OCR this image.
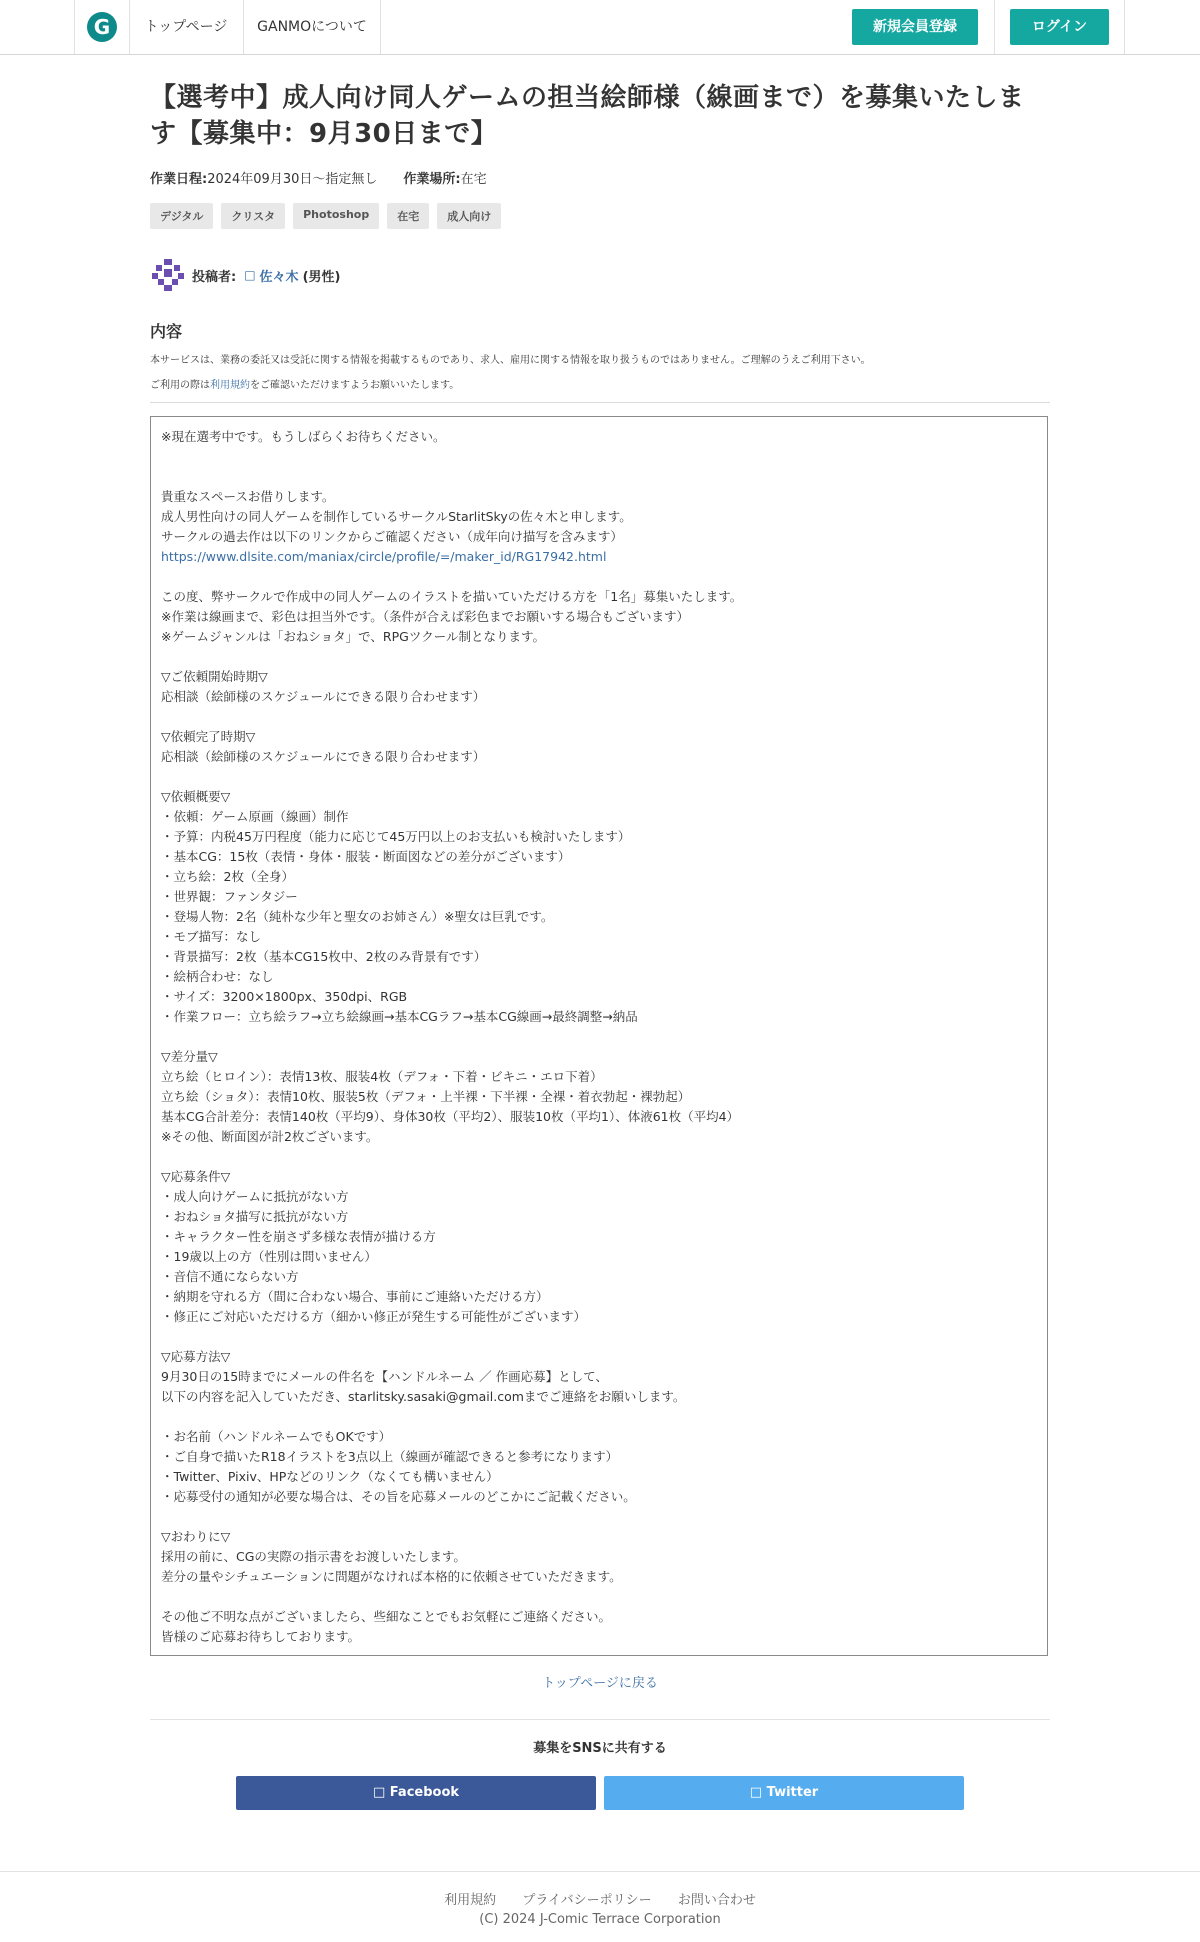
G	トップページ	GANMOについて	新規会員登録	ログイン
【選考中】成人向け同人ゲームの担当絵師様（線画まで）を募集いたします【募集中：9月30日まで】
作業日程:2024年09月30日〜指定無し 作業場所:在宅
デジタル	クリスタ	Photoshop	在宅	成人向け
投稿者: □ 佐々木 (男性)
内容
本サービスは、業務の委託又は受託に関する情報を掲載するものであり、求人、雇用に関する情報を取り扱うものではありません。ご理解のうえご利用下さい。
ご利用の際は利用規約をご確認いただけますようお願いいたします。
※現在選考中です。もうしばらくお待ちください。
貴重なスペースお借りします。
成人男性向けの同人ゲームを制作しているサークルStarlitSkyの佐々木と申します。
サークルの過去作は以下のリンクからご確認ください（成年向け描写を含みます）
https://www.dlsite.com/maniax/circle/profile/=/maker_id/RG17942.html
この度、弊サークルで作成中の同人ゲームのイラストを描いていただける方を「1名」募集いたします。
※作業は線画まで、彩色は担当外です。（条件が合えば彩色までお願いする場合もございます）
※ゲームジャンルは「おねショタ」で、RPGツクール制となります。
▽ご依頼開始時期▽
応相談（絵師様のスケジュールにできる限り合わせます）
▽依頼完了時期▽
応相談（絵師様のスケジュールにできる限り合わせます）
▽依頼概要▽
・依頼：ゲーム原画（線画）制作
・予算：内税45万円程度（能力に応じて45万円以上のお支払いも検討いたします）
・基本CG：15枚（表情・身体・服装・断面図などの差分がございます）
・立ち絵：2枚（全身）
・世界観：ファンタジー
・登場人物：2名（純朴な少年と聖女のお姉さん）※聖女は巨乳です。
・モブ描写：なし
・背景描写：2枚（基本CG15枚中、2枚のみ背景有です）
・絵柄合わせ：なし
・サイズ：3200×1800px、350dpi、RGB
・作業フロー：立ち絵ラフ→立ち絵線画→基本CGラフ→基本CG線画→最終調整→納品
▽差分量▽
立ち絵（ヒロイン）：表情13枚、服装4枚（デフォ・下着・ビキニ・エロ下着）
立ち絵（ショタ）：表情10枚、服装5枚（デフォ・上半裸・下半裸・全裸・着衣勃起・裸勃起）
基本CG合計差分：表情140枚（平均9）、身体30枚（平均2）、服装10枚（平均1）、体液61枚（平均4）
※その他、断面図が計2枚ございます。
▽応募条件▽
・成人向けゲームに抵抗がない方
・おねショタ描写に抵抗がない方
・キャラクター性を崩さず多様な表情が描ける方
・19歳以上の方（性別は問いません）
・音信不通にならない方
・納期を守れる方（間に合わない場合、事前にご連絡いただける方）
・修正にご対応いただける方（細かい修正が発生する可能性がございます）
▽応募方法▽
9月30日の15時までにメールの件名を【ハンドルネーム ／ 作画応募】として、
以下の内容を記入していただき、starlitsky.sasaki@gmail.comまでご連絡をお願いします。
・お名前（ハンドルネームでもOKです）
・ご自身で描いたR18イラストを3点以上（線画が確認できると参考になります）
・Twitter、Pixiv、HPなどのリンク（なくても構いません）
・応募受付の通知が必要な場合は、その旨を応募メールのどこかにご記載ください。
▽おわりに▽
採用の前に、CGの実際の指示書をお渡しいたします。
差分の量やシチュエーションに問題がなければ本格的に依頼させていただきます。
その他ご不明な点がございましたら、些細なことでもお気軽にご連絡ください。
皆様のご応募お待ちしております。
トップページに戻る
募集をSNSに共有する
□ Facebook	□ Twitter
利用規約 プライバシーポリシー お問い合わせ
(C) 2024 J-Comic Terrace Corporation
